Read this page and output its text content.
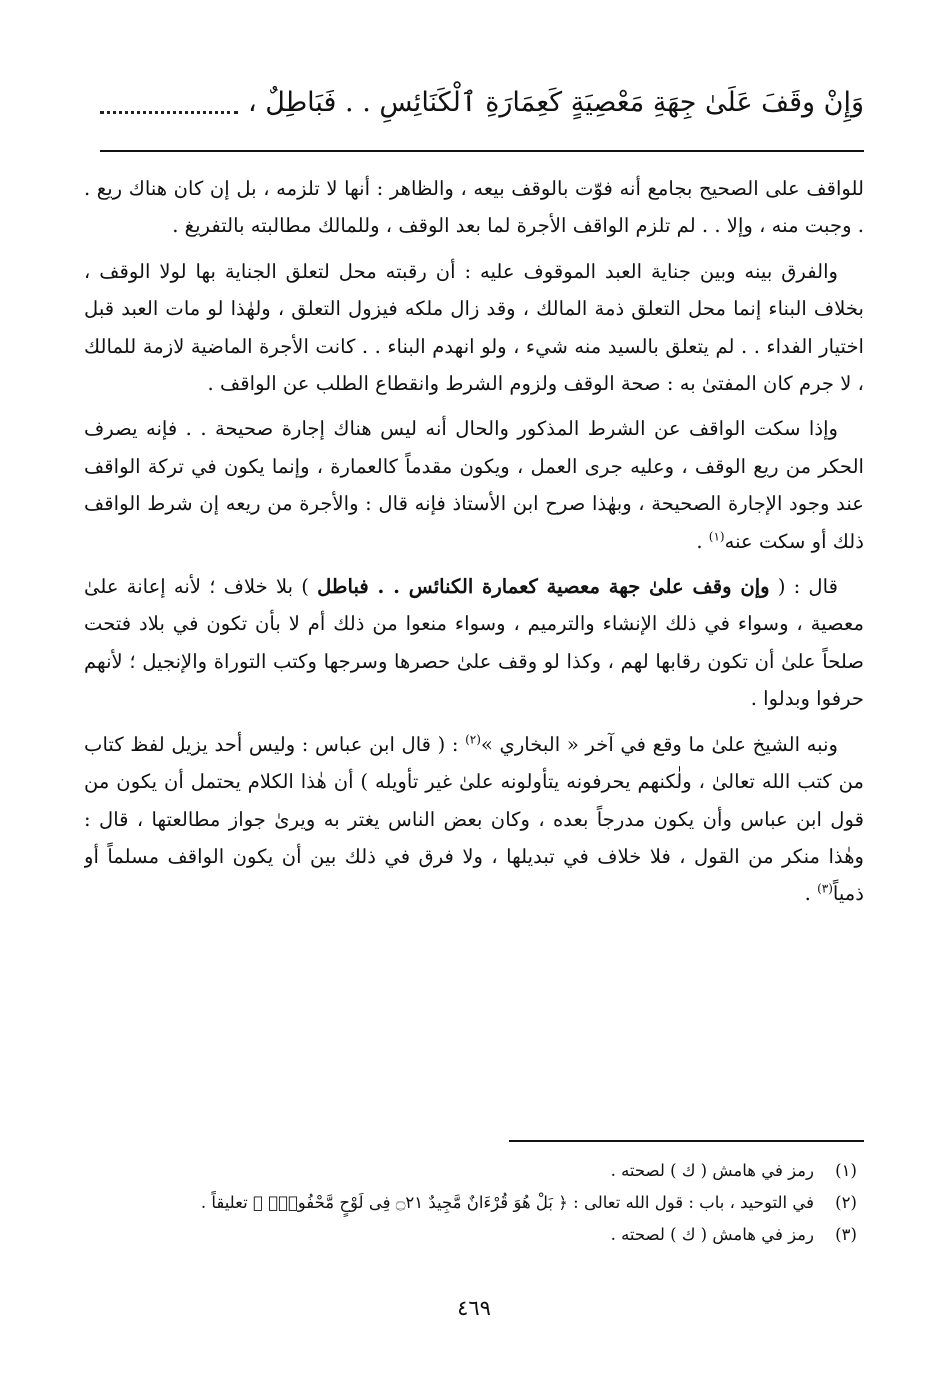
وَإِنْ وقَفَ عَلَىٰ جِهَةِ مَعْصِيَةٍ كَعِمَارَةِ ٱلْكَنَائِسِ . . فَبَاطِلٌ ،

للواقف على الصحيح بجامع أنه فوّت بالوقف بيعه ، والظاهر : أنها لا تلزمه ، بل إن كان هناك ريع . . وجبت منه ، وإلا . . لم تلزم الواقف الأجرة لما بعد الوقف ، وللمالك مطالبته بالتفريغ .

والفرق بينه وبين جناية العبد الموقوف عليه : أن رقبته محل لتعلق الجناية بها لولا الوقف ، بخلاف البناء إنما محل التعلق ذمة المالك ، وقد زال ملكه فيزول التعلق ، ولهٰذا لو مات العبد قبل اختيار الفداء . . لم يتعلق بالسيد منه شيء ، ولو انهدم البناء . . كانت الأجرة الماضية لازمة للمالك ، لا جرم كان المفتىٰ به : صحة الوقف ولزوم الشرط وانقطاع الطلب عن الواقف .

وإذا سكت الواقف عن الشرط المذكور والحال أنه ليس هناك إجارة صحيحة . . فإنه يصرف الحكر من ريع الوقف ، وعليه جرى العمل ، ويكون مقدماً كالعمارة ، وإنما يكون في تركة الواقف عند وجود الإجارة الصحيحة ، وبهٰذا صرح ابن الأستاذ فإنه قال : والأجرة من ريعه إن شرط الواقف ذلك أو سكت عنه$^{(١)}$ .

قال : ( وإن وقف علىٰ جهة معصية كعمارة الكنائس . . فباطل ) بلا خلاف ؛ لأنه إعانة علىٰ معصية ، وسواء في ذلك الإنشاء والترميم ، وسواء منعوا من ذلك أم لا بأن تكون في بلاد فتحت صلحاً علىٰ أن تكون رقابها لهم ، وكذا لو وقف علىٰ حصرها وسرجها وكتب التوراة والإنجيل ؛ لأنهم حرفوا وبدلوا .

ونبه الشيخ علىٰ ما وقع في آخر « البخاري »$^{(٢)}$ : ( قال ابن عباس : وليس أحد يزيل لفظ كتاب من كتب الله تعالىٰ ، ولٰكنهم يحرفونه يتأولونه علىٰ غير تأويله ) أن هٰذا الكلام يحتمل أن يكون من قول ابن عباس وأن يكون مدرجاً بعده ، وكان بعض الناس يغتر به ويرىٰ جواز مطالعتها ، قال : وهٰذا منكر من القول ، فلا خلاف في تبديلها ، ولا فرق في ذلك بين أن يكون الواقف مسلماً أو ذمياً$^{(٣)}$ .

(١)
رمز في هامش ( ك ) لصحته .
(٢)
في التوحيد ، باب : قول الله تعالى : ﴿ بَلْ هُوَ قُرْءَانٌ مَّجِيدٌ ۝٢١ فِى لَوْحٍ مَّحْفُوظٍۭ ﴾ تعليقاً .
(٣)
رمز في هامش ( ك ) لصحته .
٤٦٩
